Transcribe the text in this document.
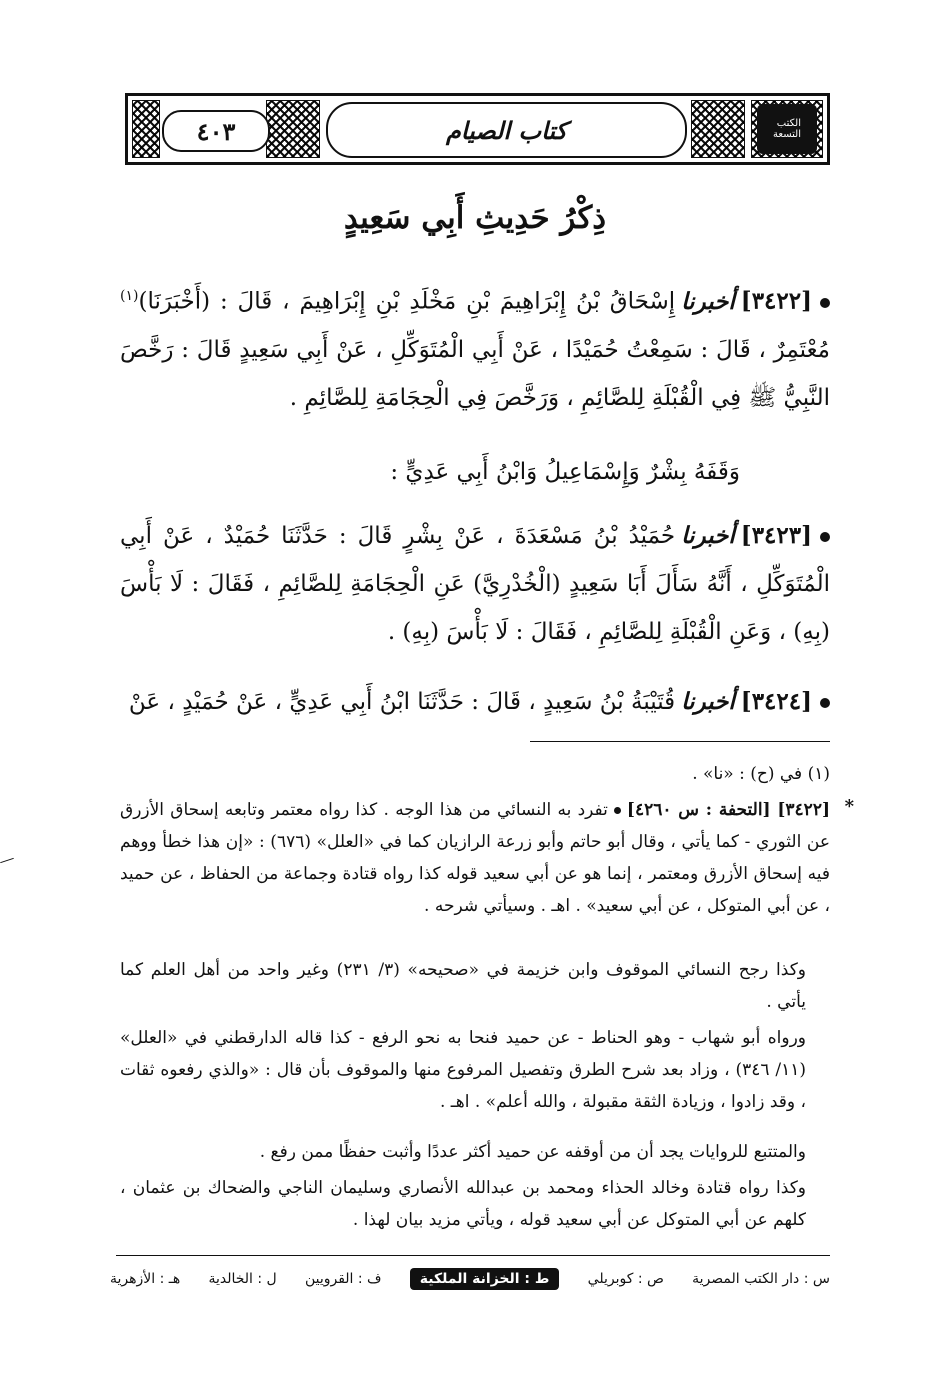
الكتب
التسعة
كتاب الصيام
٤٠٣
ذِكْرُ حَدِيثِ أَبِي سَعِيدٍ
[٣٤٢٢]أخبرناإِسْحَاقُ بْنُ إِبْرَاهِيمَ بْنِ مَخْلَدِ بْنِ إِبْرَاهِيمَ ، قَالَ : (أَخْبَرَنَا)$^{(١)}$ مُعْتَمِرٌ ، قَالَ : سَمِعْتُ حُمَيْدًا ، عَنْ أَبِي الْمُتَوَكِّلِ ، عَنْ أَبِي سَعِيدٍ قَالَ : رَخَّصَ النَّبِيُّ ﷺ فِي الْقُبْلَةِ لِلصَّائِمِ ، وَرَخَّصَ فِي الْحِجَامَةِ لِلصَّائِمِ .
وَقَفَهُ بِشْرٌ وَإِسْمَاعِيلُ وَابْنُ أَبِي عَدِيٍّ :
[٣٤٢٣]أخبرناحُمَيْدُ بْنُ مَسْعَدَةَ ، عَنْ بِشْرٍ قَالَ : حَدَّثَنَا حُمَيْدٌ ، عَنْ أَبِي الْمُتَوَكِّلِ ، أَنَّهُ سَأَلَ أَبَا سَعِيدٍ (الْخُدْرِيَّ) عَنِ الْحِجَامَةِ لِلصَّائِمِ ، فَقَالَ : لَا بَأْسَ (بِهِ) ، وَعَنِ الْقُبْلَةِ لِلصَّائِمِ ، فَقَالَ : لَا بَأْسَ (بِهِ) .
[٣٤٢٤]أخبرناقُتَيْبَةُ بْنُ سَعِيدٍ ، قَالَ : حَدَّثَنَا ابْنُ أَبِي عَدِيٍّ ، عَنْ حُمَيْدٍ ، عَنْ
(١) في (ح) : «نا» .
*
[٣٤٢٢] [التحفة : س ٤٢٦٠]تفرد به النسائي من هذا الوجه . كذا رواه معتمر وتابعه إسحاق الأزرق عن الثوري - كما يأتي ، وقال أبو حاتم وأبو زرعة الرازيان كما في «العلل» (٦٧٦) : «إن هذا خطأ ووهم فيه إسحاق الأزرق ومعتمر ، إنما هو عن أبي سعيد قوله كذا رواه قتادة وجماعة من الحفاظ ، عن حميد ، عن أبي المتوكل ، عن أبي سعيد» . اهـ . وسيأتي شرحه .
وكذا رجح النسائي الموقوف وابن خزيمة في «صحيحه» (٣/ ٢٣١) وغير واحد من أهل العلم كما يأتي .
ورواه أبو شهاب - وهو الحناط - عن حميد فنحا به نحو الرفع - كذا قاله الدارقطني في «العلل» (١١/ ٣٤٦) ، وزاد بعد شرح الطرق وتفصيل المرفوع منها والموقوف بأن قال : «والذي رفعوه ثقات ، وقد زادوا ، وزيادة الثقة مقبولة ، والله أعلم» . اهـ .
والمتتبع للروايات يجد أن من أوقفه عن حميد أكثر عددًا وأثبت حفظًا ممن رفع .
وكذا رواه قتادة وخالد الحذاء ومحمد بن عبدالله الأنصاري وسليمان الناجي والضحاك بن عثمان ، كلهم عن أبي المتوكل عن أبي سعيد قوله ، ويأتي مزيد بيان لهذا .
س : دار الكتب المصرية
ص : كوبريلي
ط : الخزانة الملكية
ف : القرويين
ل : الخالدية
هـ : الأزهرية
